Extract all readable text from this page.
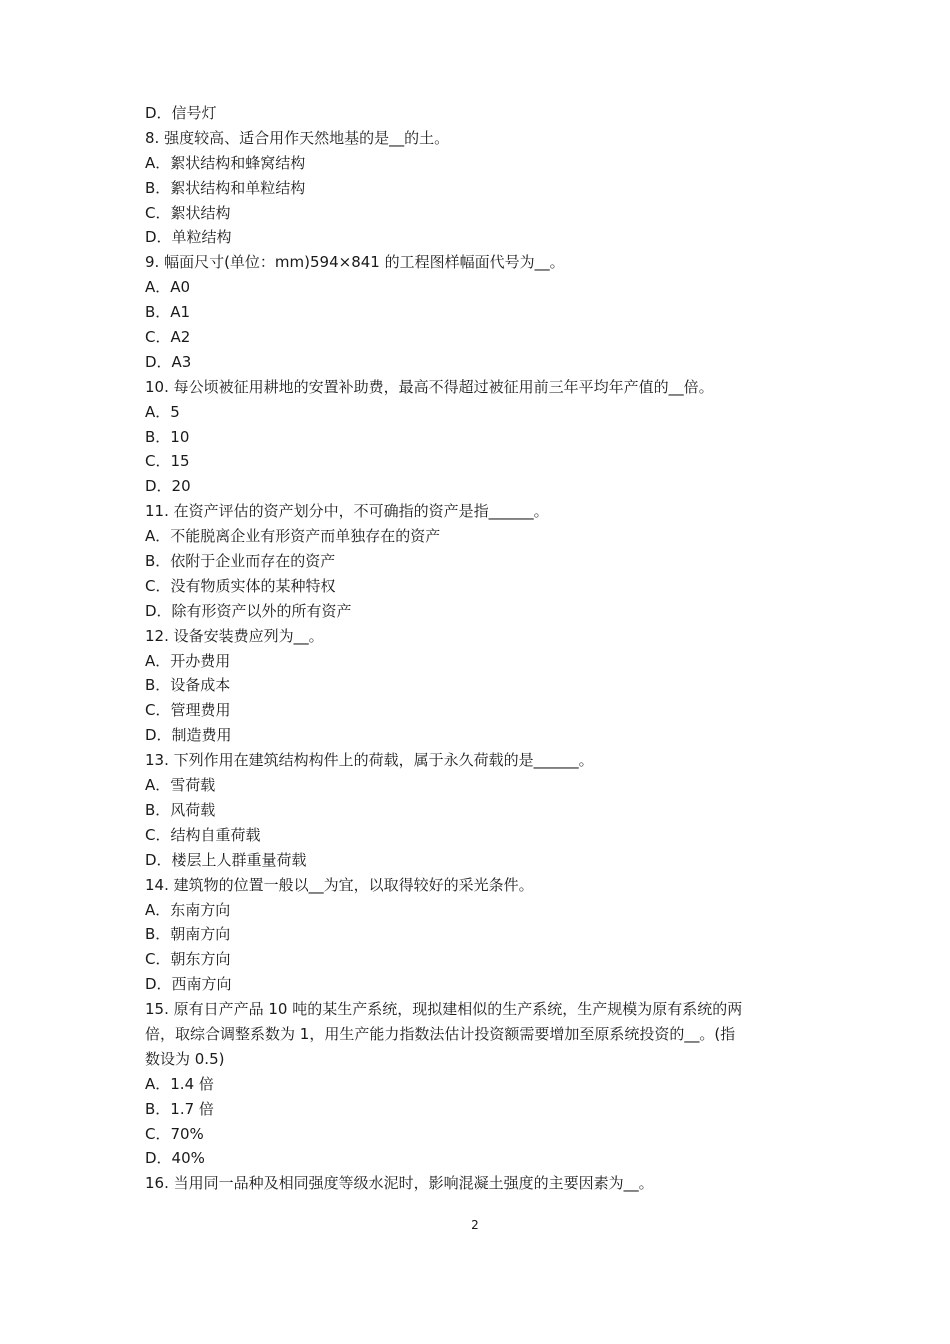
D．信号灯
8. 强度较高、适合用作天然地基的是__的土。
A．絮状结构和蜂窝结构
B．絮状结构和单粒结构
C．絮状结构
D．单粒结构
9. 幅面尺寸(单位：mm)594×841 的工程图样幅面代号为__。
A．A0
B．A1
C．A2
D．A3
10. 每公顷被征用耕地的安置补助费，最高不得超过被征用前三年平均年产值的__倍。
A．5
B．10
C．15
D．20
11. 在资产评估的资产划分中，不可确指的资产是指______。
A．不能脱离企业有形资产而单独存在的资产
B．依附于企业而存在的资产
C．没有物质实体的某种特权
D．除有形资产以外的所有资产
12. 设备安装费应列为__。
A．开办费用
B．设备成本
C．管理费用
D．制造费用
13. 下列作用在建筑结构构件上的荷载，属于永久荷载的是______。
A．雪荷载
B．风荷载
C．结构自重荷载
D．楼层上人群重量荷载
14. 建筑物的位置一般以__为宜，以取得较好的采光条件。
A．东南方向
B．朝南方向
C．朝东方向
D．西南方向
15. 原有日产产品 10 吨的某生产系统，现拟建相似的生产系统，生产规模为原有系统的两
倍，取综合调整系数为 1，用生产能力指数法估计投资额需要增加至原系统投资的__。(指
数设为 0.5)
A．1.4 倍
B．1.7 倍
C．70%
D．40%
16. 当用同一品种及相同强度等级水泥时，影响混凝土强度的主要因素为__。
2
